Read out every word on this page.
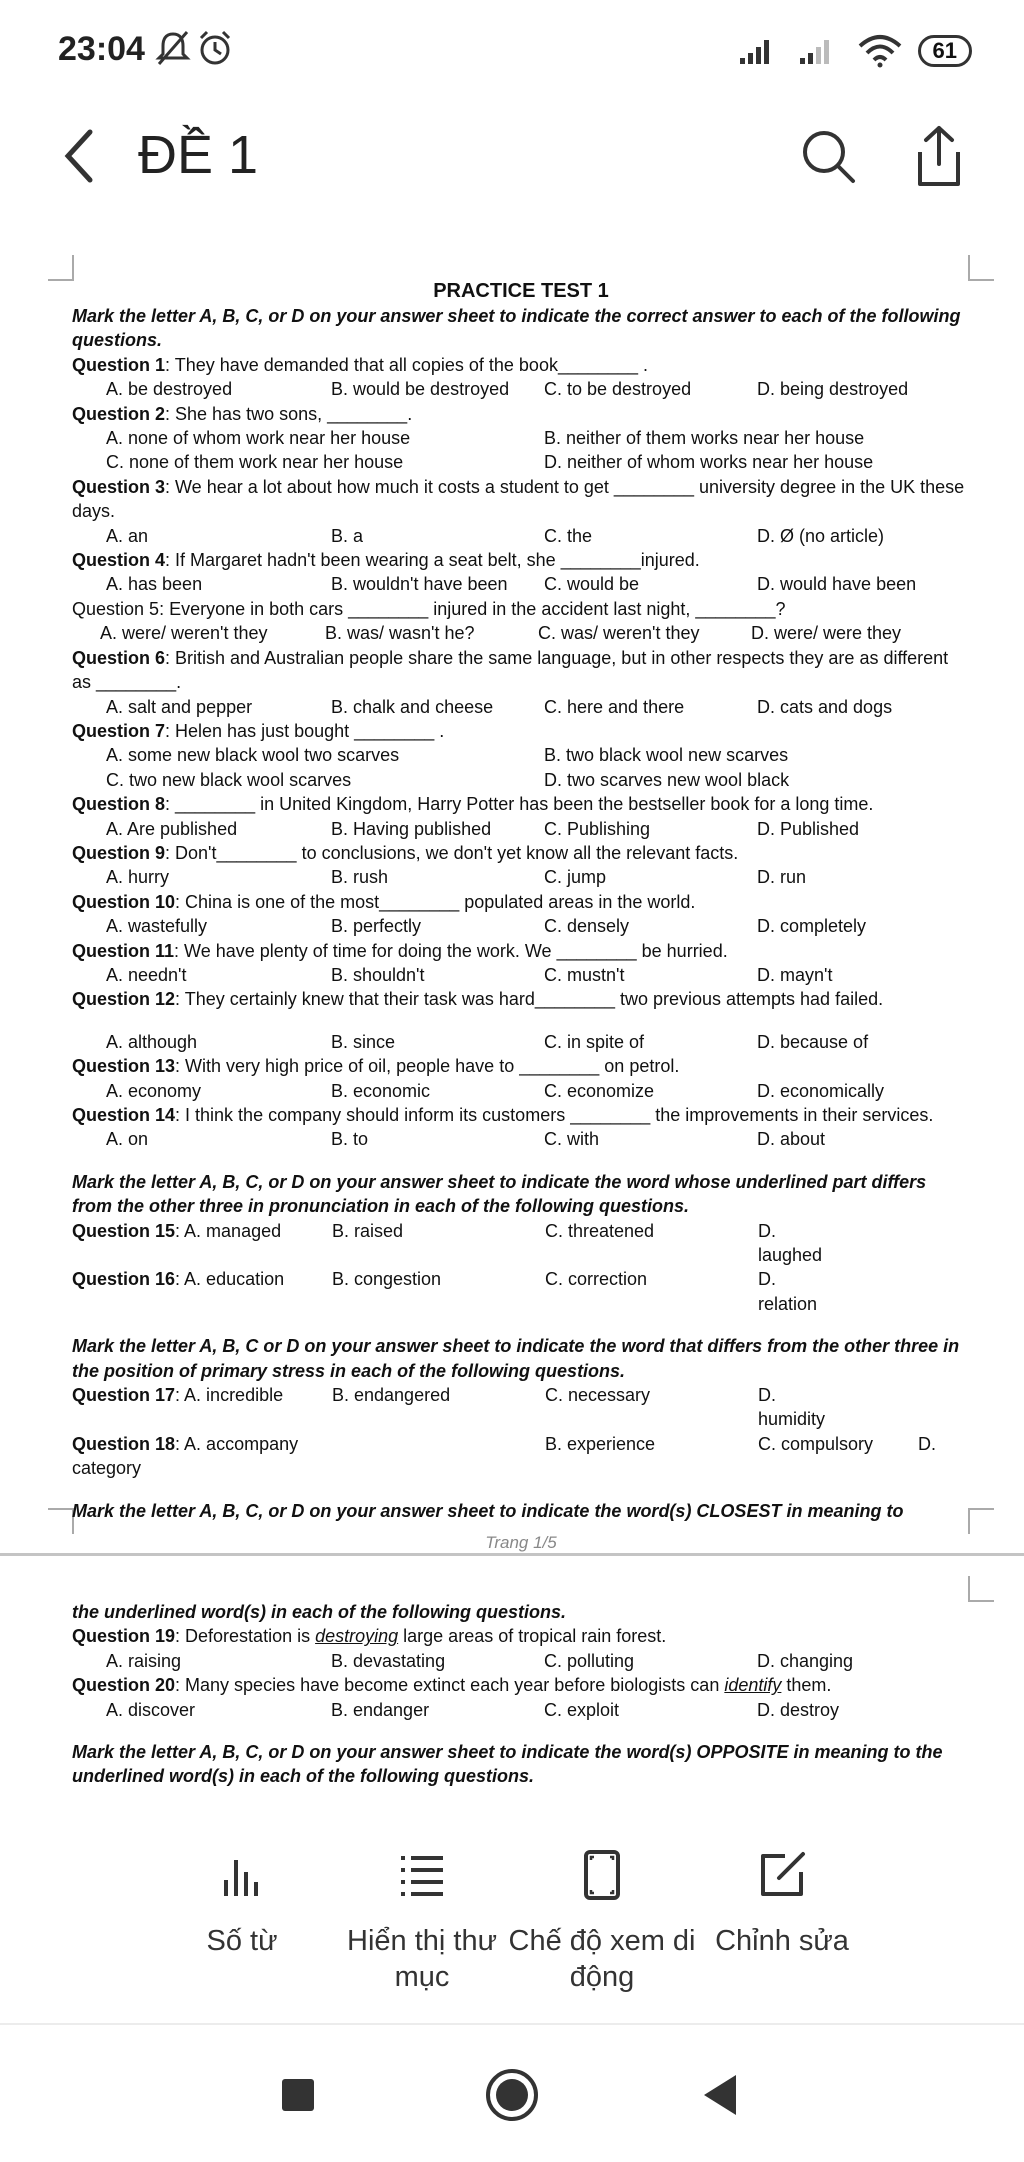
23:04
	61
ĐỀ 1
PRACTICE TEST 1
Mark the letter A, B, C, or D on your answer sheet to indicate the correct answer to each of the following questions.
Question 1: They have demanded that all copies of the book________ .
A. be destroyed	B. would be destroyed	C. to be destroyed	D. being destroyed
Question 2: She has two sons, ________.
A. none of whom work near her house	B. neither of them works near her house
C. none of them work near her house	D. neither of whom works near her house
Question 3: We hear a lot about how much it costs a student to get ________ university degree in the UK these days.
A. an	B. a	C. the	D. Ø (no article)
Question 4: If Margaret hadn't been wearing a seat belt, she ________injured.
A. has been	B. wouldn't have been	C. would be	D. would have been
Question 5: Everyone in both cars ________ injured in the accident last night, ________?
A. were/ weren't they	B. was/ wasn't he?	C. was/ weren't they	D. were/ were they
Question 6: British and Australian people share the same language, but in other respects they are as different as ________.
A. salt and pepper	B. chalk and cheese	C. here and there	D. cats and dogs
Question 7: Helen has just bought ________ .
A. some new black wool two scarves	B. two black wool new scarves
C. two new black wool scarves	D. two scarves new wool black
Question 8: ________ in United Kingdom, Harry Potter has been the bestseller book for a long time.
A. Are published	B. Having published	C. Publishing	D. Published
Question 9: Don't________ to conclusions, we don't yet know all the relevant facts.
A. hurry	B. rush	C. jump	D. run
Question 10: China is one of the most________ populated areas in the world.
A. wastefully	B. perfectly	C. densely	D. completely
Question 11: We have plenty of time for doing the work. We ________ be hurried.
A. needn't	B. shouldn't	C. mustn't	D. mayn't
Question 12: They certainly knew that their task was hard________ two previous attempts had failed.
A. although	B. since	C. in spite of	D. because of
Question 13: With very high price of oil, people have to ________ on petrol.
A. economy	B. economic	C. economize	D. economically
Question 14: I think the company should inform its customers ________ the improvements in their services.
A. on	B. to	C. with	D. about
Mark the letter A, B, C, or D on your answer sheet to indicate the word whose underlined part differs from the other three in pronunciation in each of the following questions.
Question 15: A. managed	B. raised	C. threatened	D. laughed
Question 16: A. education	B. congestion	C. correction	D. relation
Mark the letter A, B, C or D on your answer sheet to indicate the word that differs from the other three in the position of primary stress in each of the following questions.
Question 17: A. incredible	B. endangered	C. necessary	D. humidity
Question 18: A. accompany	B. experience	C. compulsory	D.
category
Mark the letter A, B, C, or D on your answer sheet to indicate the word(s) CLOSEST in meaning to
Trang 1/5
the underlined word(s) in each of the following questions.
Question 19: Deforestation is destroying large areas of tropical rain forest.
A. raising	B. devastating	C. polluting	D. changing
Question 20: Many species have become extinct each year before biologists can identify them.
A. discover	B. endanger	C. exploit	D. destroy
Mark the letter A, B, C, or D on your answer sheet to indicate the word(s) OPPOSITE in meaning to the underlined word(s) in each of the following questions.
Số từ	Hiển thị thư mục
Chế độ xem di động
Chỉnh sửa
